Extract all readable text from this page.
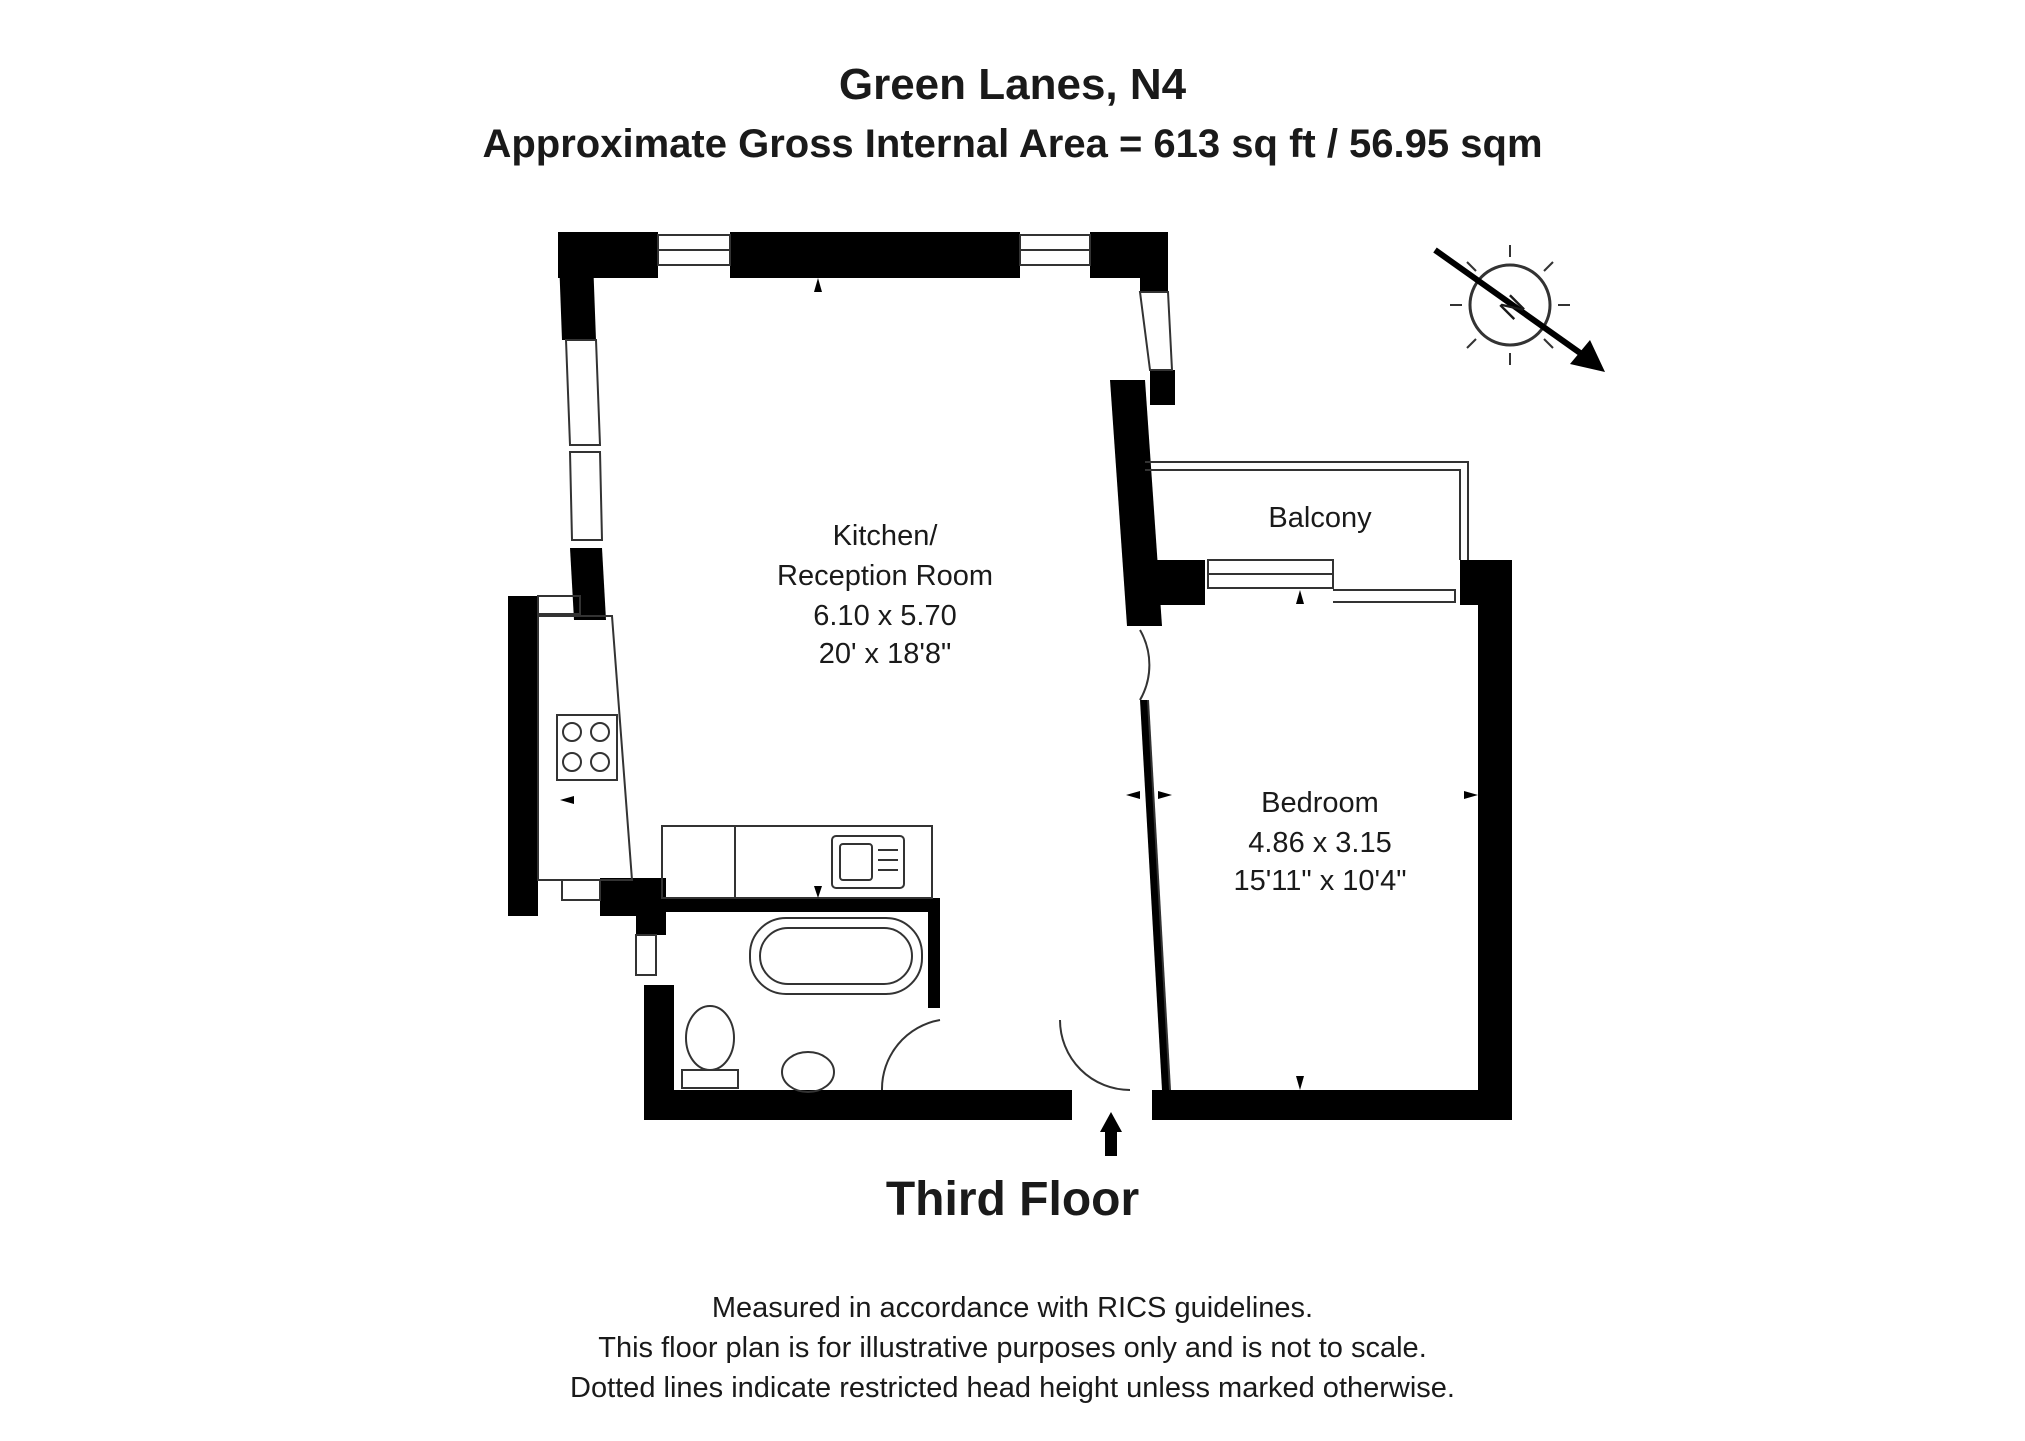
Green Lanes, N4
Approximate Gross Internal Area = 613 sq ft / 56.95 sqm
N
Kitchen/
Reception Room
6.10 x 5.70
20' x 18'8"
Balcony
Bedroom
4.86 x 3.15
15'11" x 10'4"
Third Floor
Measured in accordance with RICS guidelines.
This floor plan is for illustrative purposes only and is not to scale.
Dotted lines indicate restricted head height unless marked otherwise.
